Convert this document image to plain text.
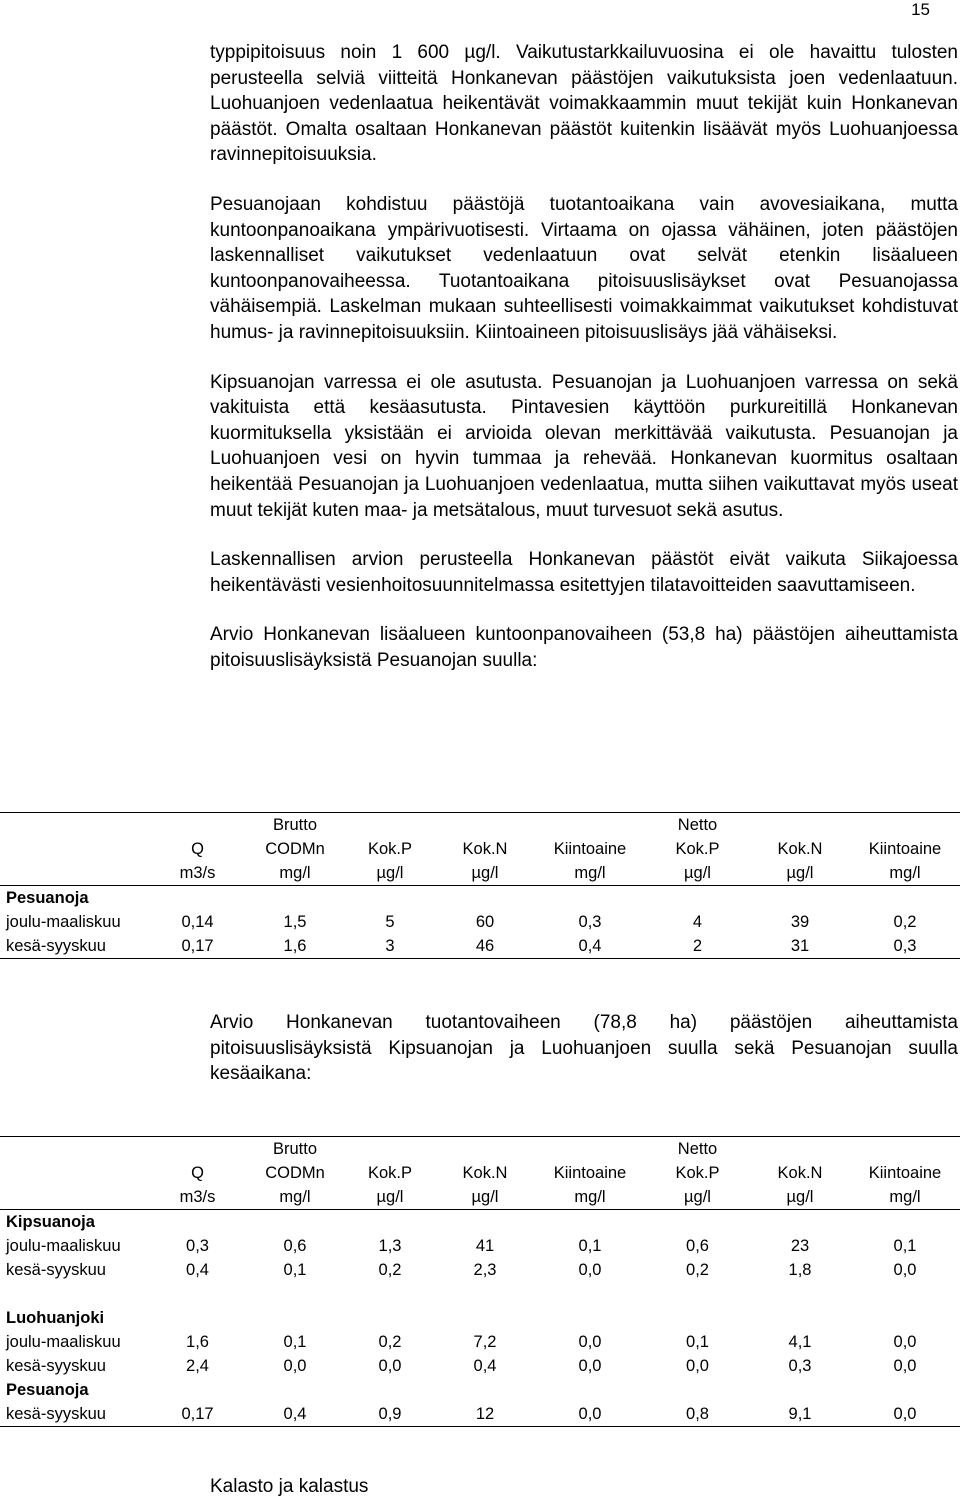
15

typpipitoisuus noin 1 600 µg/l. Vaikutustarkkailuvuosina ei ole havaittu tulosten perusteella selviä viitteitä Honkanevan päästöjen vaikutuksista joen vedenlaatuun. Luohuanjoen vedenlaatua heikentävät voimakkaammin muut tekijät kuin Honkanevan päästöt. Omalta osaltaan Honkanevan päästöt kuitenkin lisäävät myös Luohuanjoessa ravinnepitoisuuksia.

Pesuanojaan kohdistuu päästöjä tuotantoaikana vain avovesiaikana, mutta kuntoonpanoaikana ympärivuotisesti. Virtaama on ojassa vähäinen, joten päästöjen laskennalliset vaikutukset vedenlaatuun ovat selvät etenkin lisäalueen kuntoonpanovaiheessa. Tuotantoaikana pitoisuuslisäykset ovat Pesuanojassa vähäisempiä. Laskelman mukaan suhteellisesti voimakkaimmat vaikutukset kohdistuvat humus- ja ravinnepitoisuuksiin. Kiintoaineen pitoisuuslisäys jää vähäiseksi.

Kipsuanojan varressa ei ole asutusta. Pesuanojan ja Luohuanjoen varressa on sekä vakituista että kesäasutusta. Pintavesien käyttöön purkureitillä Honkanevan kuormituksella yksistään ei arvioida olevan merkittävää vaikutusta. Pesuanojan ja Luohuanjoen vesi on hyvin tummaa ja rehevää. Honkanevan kuormitus osaltaan heikentää Pesuanojan ja Luohuanjoen vedenlaatua, mutta siihen vaikuttavat myös useat muut tekijät kuten maa- ja metsätalous, muut turvesuot sekä asutus.

Laskennallisen arvion perusteella Honkanevan päästöt eivät vaikuta Siikajoessa heikentävästi vesienhoitosuunnitelmassa esitettyjen tilatavoitteiden saavuttamiseen.

Arvio Honkanevan lisäalueen kuntoonpanovaiheen (53,8 ha) päästöjen aiheuttamista pitoisuuslisäyksistä Pesuanojan suulla:

		Brutto				Netto		
	Q	CODMn	Kok.P	Kok.N	Kiintoaine	Kok.P	Kok.N	Kiintoaine
	m3/s	mg/l	µg/l	µg/l	mg/l	µg/l	µg/l	mg/l
Pesuanoja								
joulu-maaliskuu	0,14	1,5	5	60	0,3	4	39	0,2
kesä-syyskuu	0,17	1,6	3	46	0,4	2	31	0,3

Arvio Honkanevan tuotantovaiheen (78,8 ha) päästöjen aiheuttamista pitoisuuslisäyksistä Kipsuanojan ja Luohuanjoen suulla sekä Pesuanojan suulla kesäaikana:

		Brutto				Netto		
	Q	CODMn	Kok.P	Kok.N	Kiintoaine	Kok.P	Kok.N	Kiintoaine
	m3/s	mg/l	µg/l	µg/l	mg/l	µg/l	µg/l	mg/l
Kipsuanoja								
joulu-maaliskuu	0,3	0,6	1,3	41	0,1	0,6	23	0,1
kesä-syyskuu	0,4	0,1	0,2	2,3	0,0	0,2	1,8	0,0

Luohuanjoki								
joulu-maaliskuu	1,6	0,1	0,2	7,2	0,0	0,1	4,1	0,0
kesä-syyskuu	2,4	0,0	0,0	0,4	0,0	0,0	0,3	0,0
Pesuanoja								
kesä-syyskuu	0,17	0,4	0,9	12	0,0	0,8	9,1	0,0
Kalasto ja kalastus
